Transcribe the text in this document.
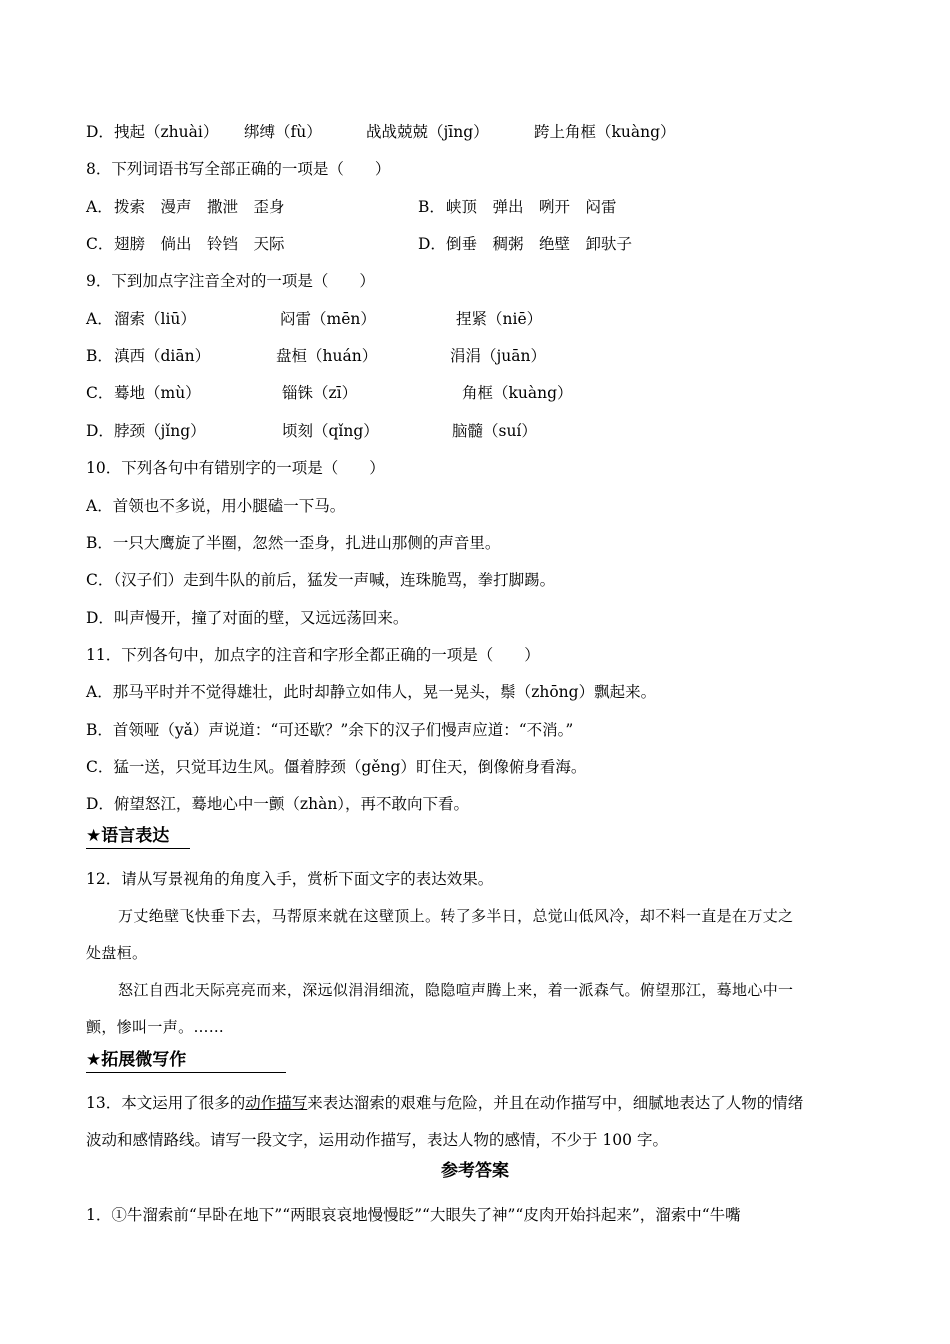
D． 拽起（zhuài） 绑缚（fù）	战战兢兢（jīng）	跨上角框（kuàng）
8．下列词语书写全部正确的一项是（　　）
A． 拨索　漫声　撒泄　歪身	B． 峡顶　弹出　咧开　闷雷
C． 翅膀　倘出　铃铛　天际	D． 倒垂　稠粥　绝壁　卸驮子
9．下到加点字注音全对的一项是（　　）
A． 溜索（liū）	闷雷（mēn）	捏紧（niē）
B． 滇西（diān）	盘桓（huán）	涓涓（juān）
C． 蓦地（mù）	锱铢（zī）	角框（kuàng）
D． 脖颈（jǐng）	顷刻（qǐng）	脑髓（suí）
10．下列各句中有错别字的一项是（　　）
A．首领也不多说，用小腿磕一下马。
B．一只大鹰旋了半圈，忽然一歪身，扎进山那侧的声音里。
C．（汉子们）走到牛队的前后，猛发一声喊，连珠脆骂，拳打脚踢。
D．叫声慢开，撞了对面的壁，又远远荡回来。
11．下列各句中，加点字的注音和字形全都正确的一项是（　　）
A．那马平时并不觉得雄壮，此时却静立如伟人，晃一晃头，鬃（zhōng）飘起来。
B．首领哑（yǎ）声说道：“可还歇？”余下的汉子们慢声应道：“不消。”
C．猛一送，只觉耳边生风。僵着脖颈（gěng）盯住天，倒像俯身看海。
D．俯望怒江，蓦地心中一颤（zhàn），再不敢向下看。
★语言表达
12．请从写景视角的角度入手，赏析下面文字的表达效果。
万丈绝壁飞快垂下去，马帮原来就在这壁顶上。转了多半日，总觉山低风冷，却不料一直是在万丈之
处盘桓。
怒江自西北天际亮亮而来，深远似涓涓细流，隐隐喧声腾上来，着一派森气。俯望那江，蓦地心中一
颤，惨叫一声。……
★拓展微写作
13．本文运用了很多的动作描写来表达溜索的艰难与危险，并且在动作描写中，细腻地表达了人物的情绪
波动和感情路线。请写一段文字，运用动作描写，表达人物的感情，不少于 100 字。
参考答案
1．①牛溜索前“早卧在地下”“两眼哀哀地慢慢眨”“大眼失了神”“皮肉开始抖起来”，溜索中“牛嘴
